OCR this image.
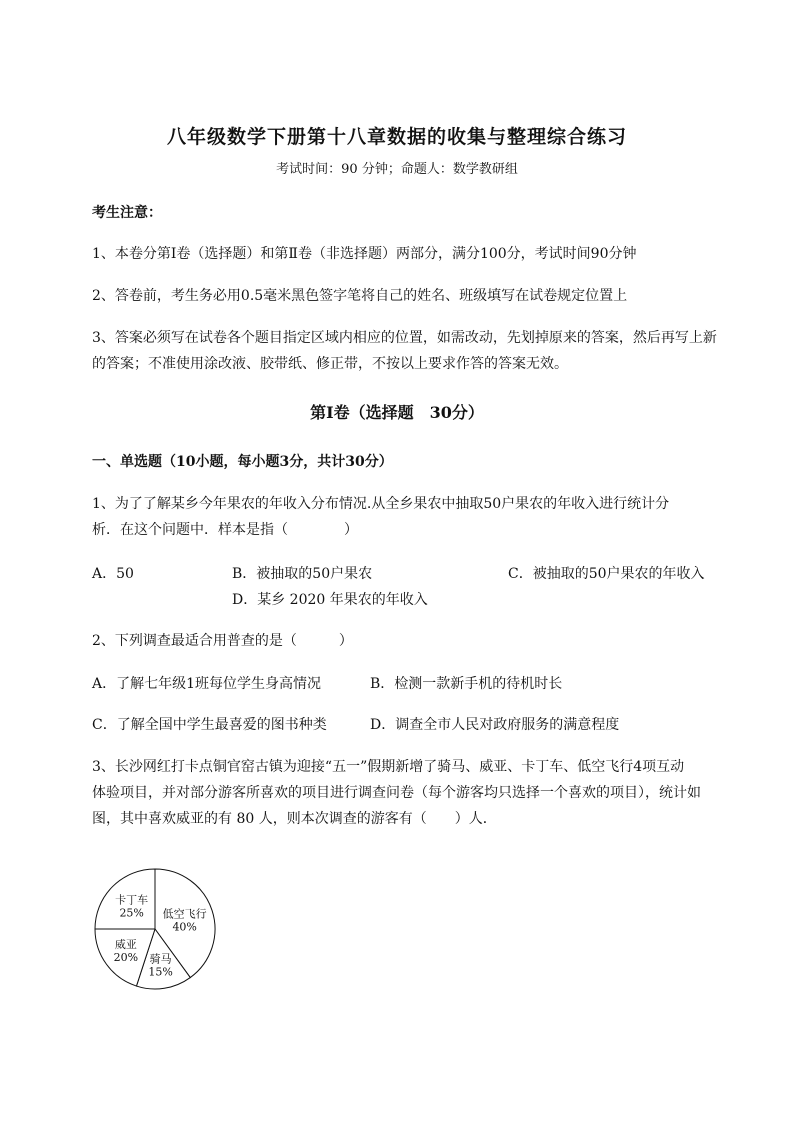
八年级数学下册第十八章数据的收集与整理综合练习
考试时间：90 分钟；命题人：数学教研组
考生注意：
1、本卷分第Ⅰ卷（选择题）和第Ⅱ卷（非选择题）两部分，满分100分，考试时间90分钟
2、答卷前，考生务必用0.5毫米黑色签字笔将自己的姓名、班级填写在试卷规定位置上
3、答案必须写在试卷各个题目指定区域内相应的位置，如需改动，先划掉原来的答案，然后再写上新
的答案；不准使用涂改液、胶带纸、修正带，不按以上要求作答的答案无效。
第Ⅰ卷（选择题　30分）
一、单选题（10小题，每小题3分，共计30分）
1、为了了解某乡今年果农的年收入分布情况.从全乡果农中抽取50户果农的年收入进行统计分
析．在这个问题中．样本是指（　　　　）
A．50	B．被抽取的50户果农	C．被抽取的50户果农的年收入
D．某乡 2020 年果农的年收入
2、下列调查最适合用普查的是（　　　）
A．了解七年级1班每位学生身高情况	B．检测一款新手机的待机时长
C．了解全国中学生最喜爱的图书种类	D．调查全市人民对政府服务的满意程度
3、长沙网红打卡点铜官窑古镇为迎接“五一”假期新增了骑马、威亚、卡丁车、低空飞行4项互动
体验项目，并对部分游客所喜欢的项目进行调查问卷（每个游客均只选择一个喜欢的项目），统计如
图，其中喜欢威亚的有 80 人，则本次调查的游客有（　　）人．
卡丁车
25% 低空飞行
40%
骑马
15%
威亚
20%
